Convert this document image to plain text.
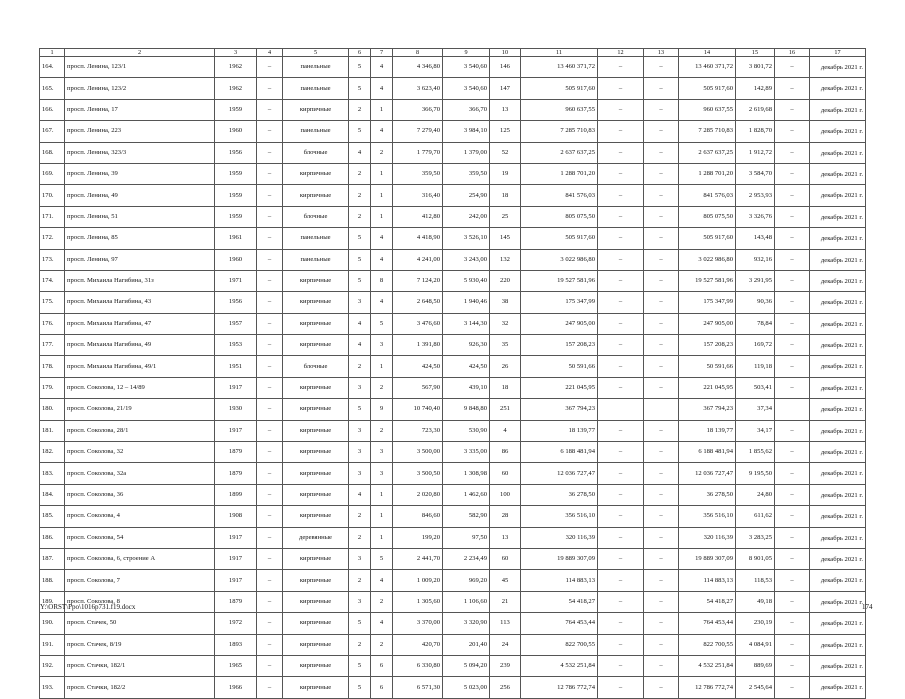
1	2	3	4	5	6	7	8	9	10	11	12	13	14	15	16	17
164.	просп. Ленина, 123/1	1962	–	панельные	5	4	4 346,80	3 540,60	146	13 460 371,72	–	–	13 460 371,72	3 801,72	–	декабрь 2021 г.
165.	просп. Ленина, 123/2	1962	–	панельные	5	4	3 623,40	3 540,60	147	505 917,60	–	–	505 917,60	142,89	–	декабрь 2021 г.
166.	просп. Ленина, 17	1959	–	кирпичные	2	1	366,70	366,70	13	960 637,55	–	–	960 637,55	2 619,68	–	декабрь 2021 г.
167.	просп. Ленина, 223	1960	–	панельные	5	4	7 279,40	3 984,10	125	7 285 710,83	–	–	7 285 710,83	1 828,70	–	декабрь 2021 г.
168.	просп. Ленина, 323/3	1956	–	блочные	4	2	1 779,70	1 379,00	52	2 637 637,25	–	–	2 637 637,25	1 912,72	–	декабрь 2021 г.
169.	просп. Ленина, 39	1959	–	кирпичные	2	1	359,50	359,50	19	1 288 701,20	–	–	1 288 701,20	3 584,70	–	декабрь 2021 г.
170.	просп. Ленина, 49	1959	–	кирпичные	2	1	316,40	254,90	18	841 576,03	–	–	841 576,03	2 953,93	–	декабрь 2021 г.
171.	просп. Ленина, 51	1959	–	блочные	2	1	412,80	242,00	25	805 075,50	–	–	805 075,50	3 326,76	–	декабрь 2021 г.
172.	просп. Ленина, 85	1961	–	панельные	5	4	4 418,90	3 526,10	145	505 917,60	–	–	505 917,60	143,48	–	декабрь 2021 г.
173.	просп. Ленина, 97	1960	–	панельные	5	4	4 241,00	3 243,00	132	3 022 986,80	–	–	3 022 986,80	932,16	–	декабрь 2021 г.
174.	просп. Михаила Нагибина, 31з	1971	–	кирпичные	5	8	7 124,20	5 930,40	220	19 527 581,96	–	–	19 527 581,96	3 291,95	–	декабрь 2021 г.
175.	просп. Михаила Нагибина, 43	1956	–	кирпичные	3	4	2 648,50	1 940,46	38	175 347,99	–	–	175 347,99	90,36	–	декабрь 2021 г.
176.	просп. Михаила Нагибина, 47	1957	–	кирпичные	4	5	3 476,60	3 144,30	32	247 905,00	–	–	247 905,00	78,84	–	декабрь 2021 г.
177.	просп. Михаила Нагибина, 49	1953	–	кирпичные	4	3	1 391,80	926,30	35	157 208,23	–	–	157 208,23	169,72	–	декабрь 2021 г.
178.	просп. Михаила Нагибина, 49/1	1951	–	блочные	2	1	424,50	424,50	26	50 591,66	–	–	50 591,66	119,18	–	декабрь 2021 г.
179.	просп. Соколова, 12 – 14/89	1917	–	кирпичные	3	2	567,90	439,10	18	221 045,95	–	–	221 045,95	503,41	–	декабрь 2021 г.
180.	просп. Соколова, 21/19	1930	–	кирпичные	5	9	10 740,40	9 848,80	251	367 794,23			367 794,23	37,34		декабрь 2021 г.
181.	просп. Соколова, 28/1	1917	–	кирпичные	3	2	723,30	530,90	4	18 139,77	–	–	18 139,77	34,17	–	декабрь 2021 г.
182.	просп. Соколова, 32	1879	–	кирпичные	3	3	3 500,00	3 335,00	86	6 188 481,94	–	–	6 188 481,94	1 855,62	–	декабрь 2021 г.
183.	просп. Соколова, 32а	1879	–	кирпичные	3	3	3 500,50	1 308,98	60	12 036 727,47	–	–	12 036 727,47	9 195,50	–	декабрь 2021 г.
184.	просп. Соколова, 36	1899	–	кирпичные	4	1	2 020,80	1 462,60	100	36 278,50	–	–	36 278,50	24,80	–	декабрь 2021 г.
185.	просп. Соколова, 4	1908	–	кирпичные	2	1	846,60	582,90	28	356 516,10	–	–	356 516,10	611,62	–	декабрь 2021 г.
186.	просп. Соколова, 54	1917	–	деревянные	2	1	199,20	97,50	13	320 116,39	–	–	320 116,39	3 283,25	–	декабрь 2021 г.
187.	просп. Соколова, 6, строение А	1917	–	кирпичные	3	5	2 441,70	2 234,49	60	19 889 307,09	–	–	19 889 307,09	8 901,05	–	декабрь 2021 г.
188.	просп. Соколова, 7	1917	–	кирпичные	2	4	1 009,20	969,20	45	114 883,13	–	–	114 883,13	118,53	–	декабрь 2021 г.
189.	просп. Соколова, 8	1879	–	кирпичные	3	2	1 305,60	1 106,60	21	54 418,27	–	–	54 418,27	49,18	–	декабрь 2021 г.
190.	просп. Стачек, 50	1972	–	кирпичные	5	4	3 370,00	3 320,90	113	764 453,44	–	–	764 453,44	230,19	–	декабрь 2021 г.
191.	просп. Стачек, 8/19	1893	–	кирпичные	2	2	420,70	201,40	24	822 700,55	–	–	822 700,55	4 084,91	–	декабрь 2021 г.
192.	просп. Стачки, 182/1	1965	–	кирпичные	5	6	6 330,80	5 094,20	239	4 532 251,84	–	–	4 532 251,84	889,69	–	декабрь 2021 г.
193.	просп. Стачки, 182/2	1966	–	кирпичные	5	6	6 571,30	5 023,00	256	12 786 772,74	–	–	12 786 772,74	2 545,64	–	декабрь 2021 г.
Y:\ORST\Ppo\1016p731.f19.docx	174
